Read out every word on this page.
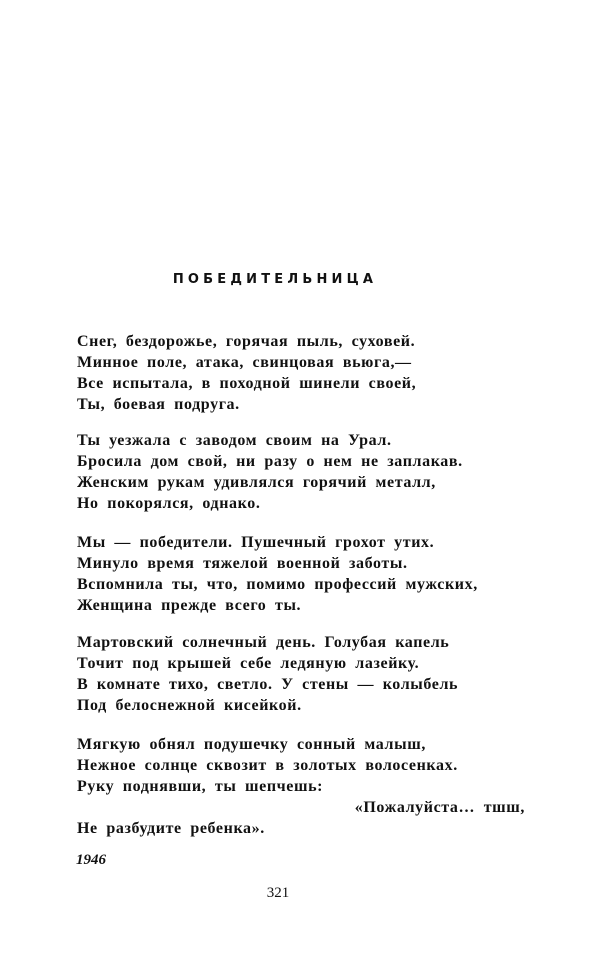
ПОБЕДИТЕЛЬНИЦА
Снег, бездорожье, горячая пыль, суховей.
Минное поле, атака, свинцовая вьюга,—
Все испытала, в походной шинели своей,
Ты, боевая подруга.
Ты уезжала с заводом своим на Урал.
Бросила дом свой, ни разу о нем не заплакав.
Женским рукам удивлялся горячий металл,
Но покорялся, однако.
Мы — победители. Пушечный грохот утих.
Минуло время тяжелой военной заботы.
Вспомнила ты, что, помимо профессий мужских,
Женщина прежде всего ты.
Мартовский солнечный день. Голубая капель
Точит под крышей себе ледяную лазейку.
В комнате тихо, светло. У стены — колыбель
Под белоснежной кисейкой.
Мягкую обнял подушечку сонный малыш,
Нежное солнце сквозит в золотых волосенках.
Руку поднявши, ты шепчешь:
«Пожалуйста… тшш,
Не разбудите ребенка».
1946
321
